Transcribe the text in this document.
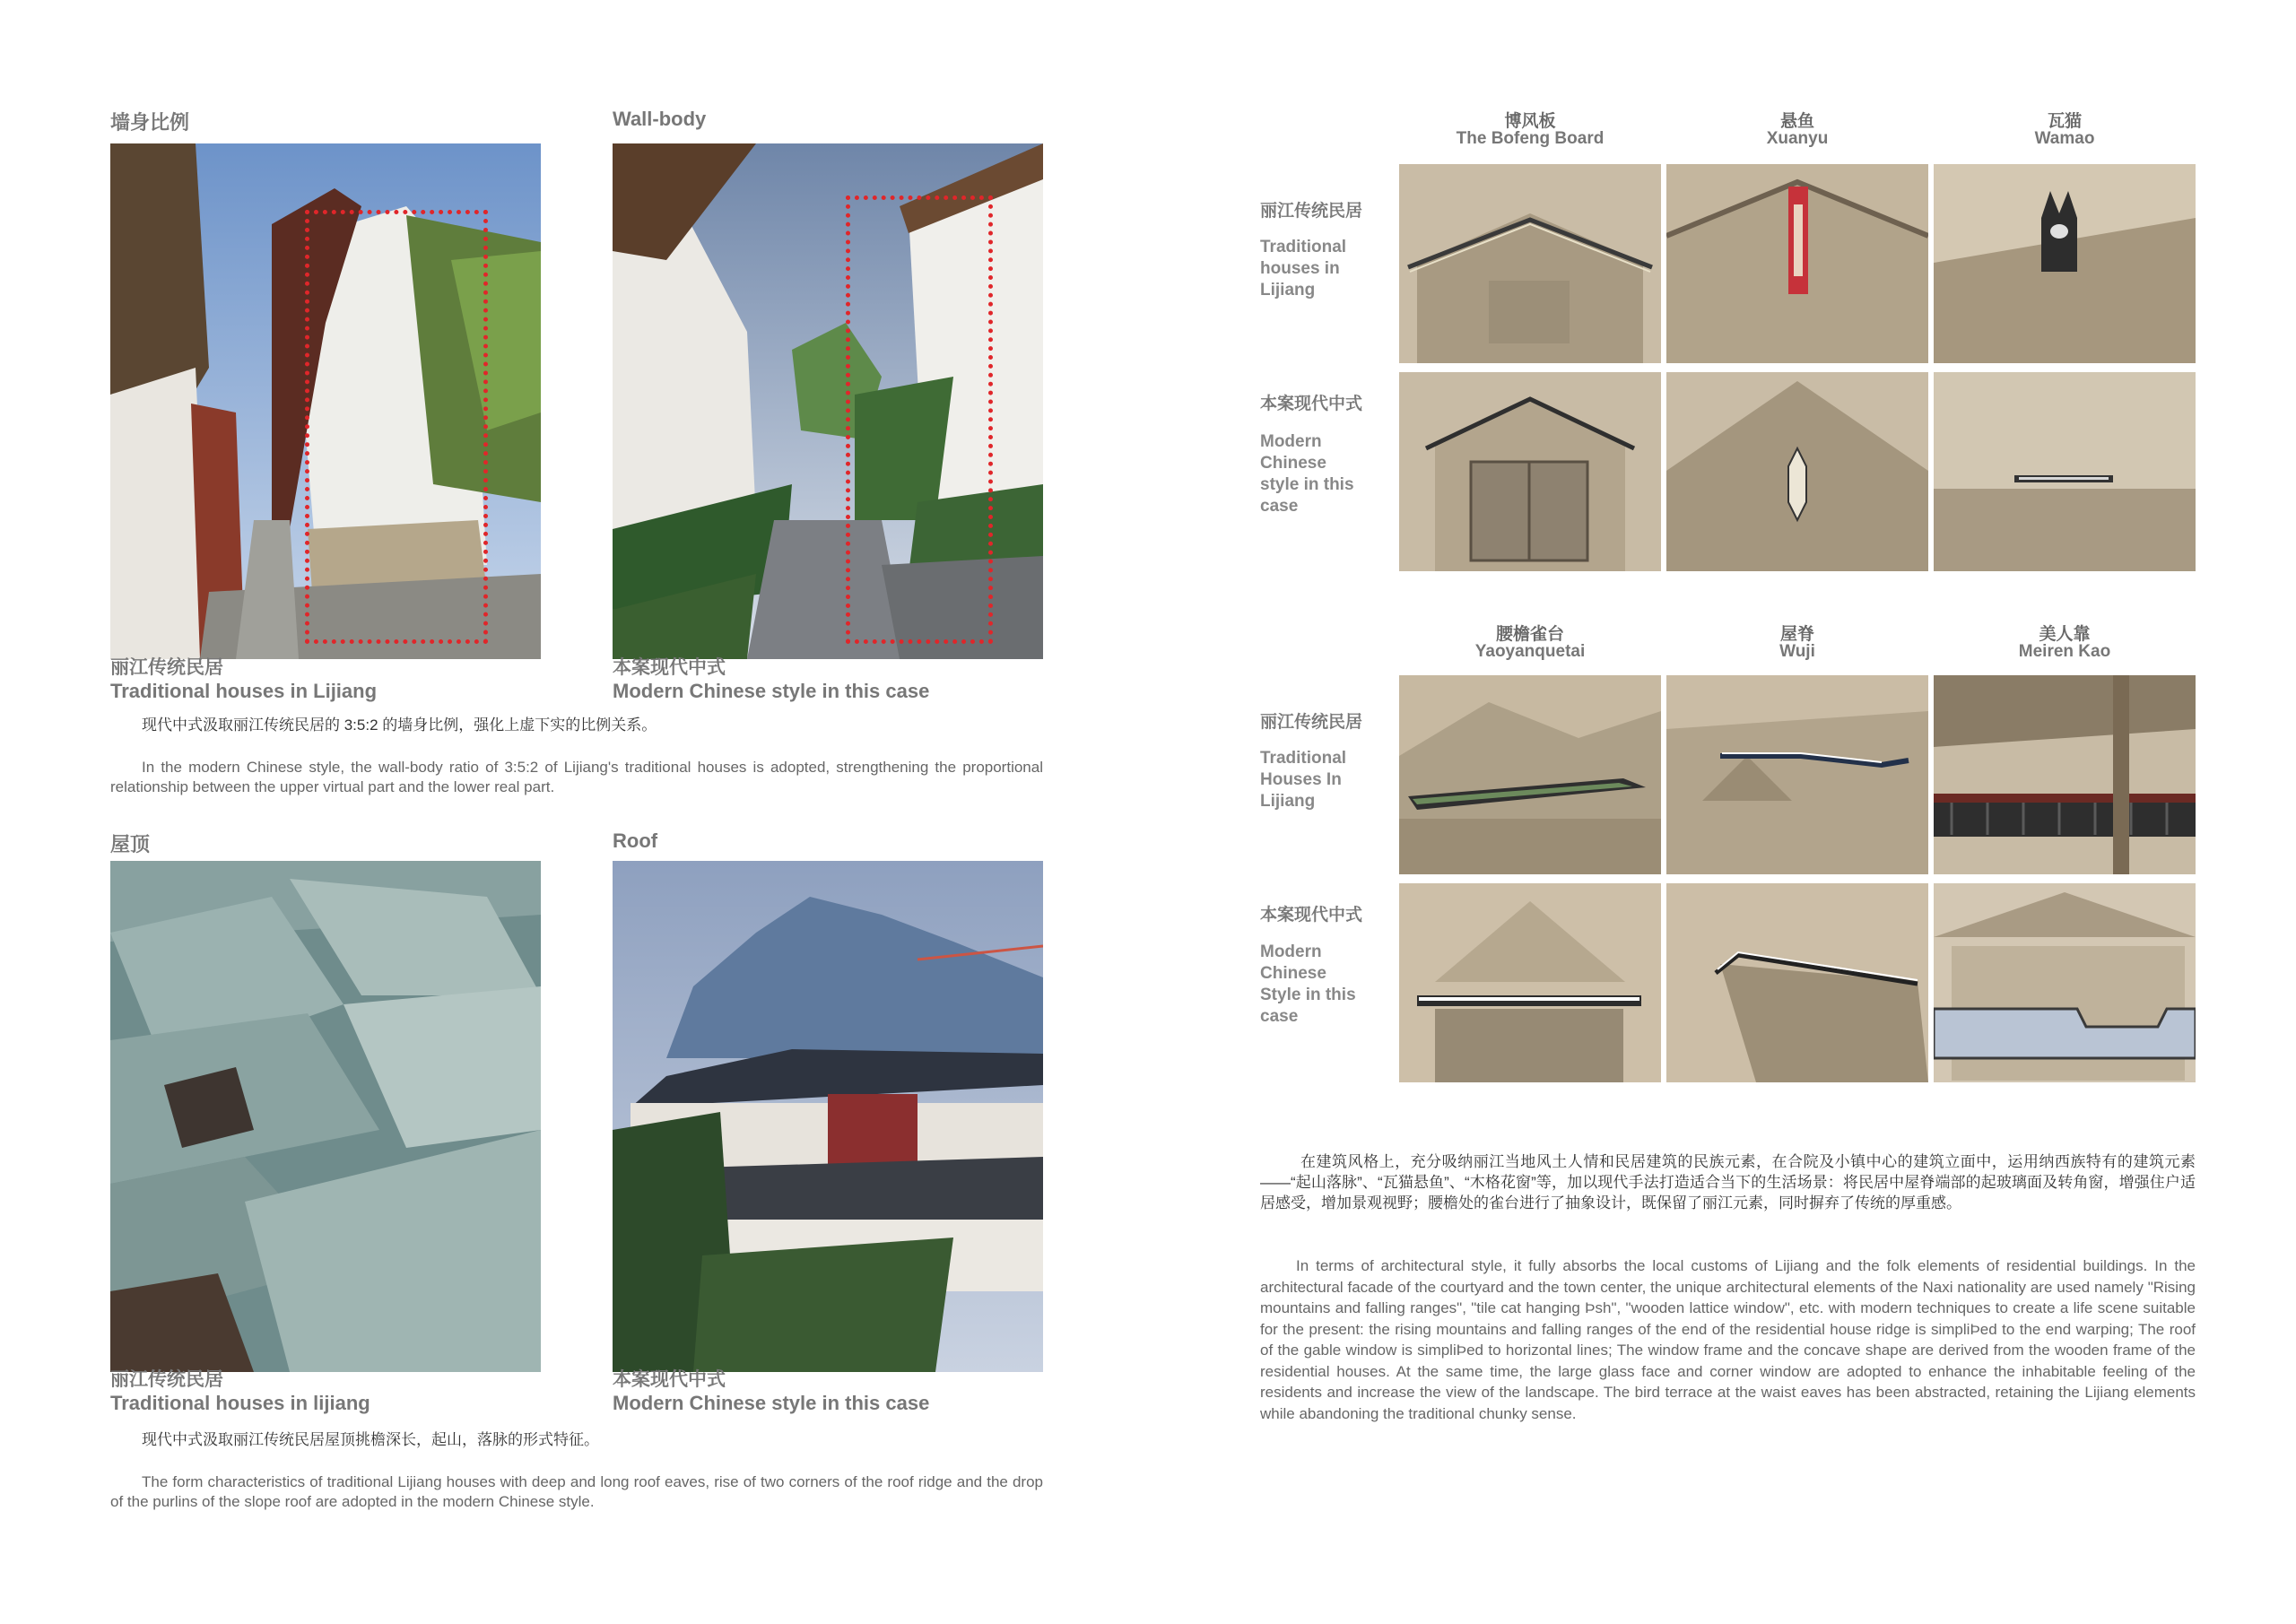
墙身比例	Wall-body
丽江传统民居
Traditional houses in Lijiang
本案现代中式
Modern Chinese style in this case
现代中式汲取丽江传统民居的 3:5:2 的墙身比例，强化上虚下实的比例关系。
In the modern Chinese style, the wall-body ratio of 3:5:2 of Lijiang's traditional houses is adopted, strengthening the proportional relationship between the upper virtual part and the lower real part.
屋顶	Roof
丽江传统民居
Traditional houses in lijiang
本案现代中式
Modern Chinese style in this case
现代中式汲取丽江传统民居屋顶挑檐深长，起山，落脉的形式特征。
The form characteristics of traditional Lijiang houses with deep and long roof eaves, rise of two corners of the roof ridge and the drop of the purlins of the slope roof are adopted in the modern Chinese style.
博风板
The Bofeng Board
悬鱼
Xuanyu
瓦猫
Wamao
丽江传统民居
Traditional houses in Lijiang
本案现代中式
Modern Chinese style in this case
腰檐雀台
Yaoyanquetai
屋脊
Wuji
美人靠
Meiren Kao
丽江传统民居
Traditional Houses In Lijiang
本案现代中式
Modern Chinese Style in this case
在建筑风格上，充分吸纳丽江当地风土人情和民居建筑的民族元素，在合院及小镇中心的建筑立面中，运用纳西族特有的建筑元素——“起山落脉”、“瓦猫悬鱼”、“木格花窗”等，加以现代手法打造适合当下的生活场景：将民居中屋脊端部的起玻璃面及转角窗，增强住户适居感受，增加景观视野；腰檐处的雀台进行了抽象设计，既保留了丽江元素，同时摒弃了传统的厚重感。
In terms of architectural style, it fully absorbs the local customs of Lijiang and the folk elements of residential buildings. In the architectural facade of the courtyard and the town center, the unique architectural elements of the Naxi nationality are used namely "Rising mountains and falling ranges", "tile cat hanging Þsh", "wooden lattice window", etc. with modern techniques to create a life scene suitable for the present: the rising mountains and falling ranges of the end of the residential house ridge is simpliÞed to the end warping; The roof of the gable window is simpliÞed to horizontal lines; The window frame and the concave shape are derived from the wooden frame of the residential houses. At the same time, the large glass face and corner window are adopted to enhance the inhabitable feeling of the residents and increase the view of the landscape. The bird terrace at the waist eaves has been abstracted, retaining the Lijiang elements while abandoning the traditional chunky sense.
